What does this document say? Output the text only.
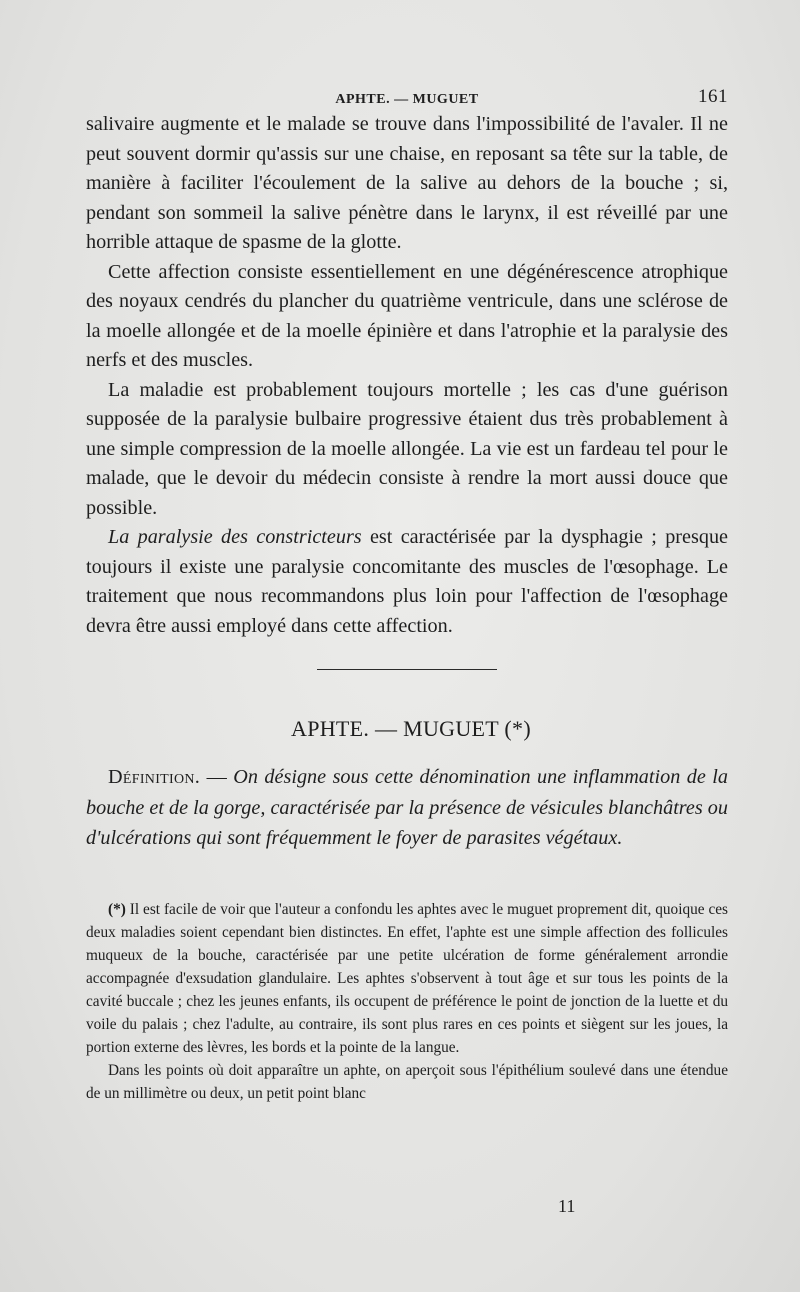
APHTE. — MUGUET	161

salivaire augmente et le malade se trouve dans l'impossibilité de l'avaler. Il ne peut souvent dormir qu'assis sur une chaise, en reposant sa tête sur la table, de manière à faciliter l'écoulement de la salive au dehors de la bouche ; si, pendant son sommeil la salive pénètre dans le larynx, il est réveillé par une horrible attaque de spasme de la glotte.

Cette affection consiste essentiellement en une dégénérescence atrophique des noyaux cendrés du plancher du quatrième ventricule, dans une sclérose de la moelle allongée et de la moelle épinière et dans l'atrophie et la paralysie des nerfs et des muscles.

La maladie est probablement toujours mortelle ; les cas d'une guérison supposée de la paralysie bulbaire progressive étaient dus très probablement à une simple compression de la moelle allongée. La vie est un fardeau tel pour le malade, que le devoir du médecin consiste à rendre la mort aussi douce que possible.

La paralysie des constricteurs est caractérisée par la dysphagie ; presque toujours il existe une paralysie concomitante des muscles de l'œsophage. Le traitement que nous recommandons plus loin pour l'affection de l'œsophage devra être aussi employé dans cette affection.

APHTE. — MUGUET (*)
Définition. — On désigne sous cette dénomination une inflammation de la bouche et de la gorge, caractérisée par la présence de vésicules blanchâtres ou d'ulcérations qui sont fréquemment le foyer de parasites végétaux.

(*) Il est facile de voir que l'auteur a confondu les aphtes avec le muguet proprement dit, quoique ces deux maladies soient cependant bien distinctes. En effet, l'aphte est une simple affection des follicules muqueux de la bouche, caractérisée par une petite ulcération de forme généralement arrondie accompagnée d'exsudation glandulaire. Les aphtes s'observent à tout âge et sur tous les points de la cavité buccale ; chez les jeunes enfants, ils occupent de préférence le point de jonction de la luette et du voile du palais ; chez l'adulte, au contraire, ils sont plus rares en ces points et siègent sur les joues, la portion externe des lèvres, les bords et la pointe de la langue.

Dans les points où doit apparaître un aphte, on aperçoit sous l'épithélium soulevé dans une étendue de un millimètre ou deux, un petit point blanc

11
